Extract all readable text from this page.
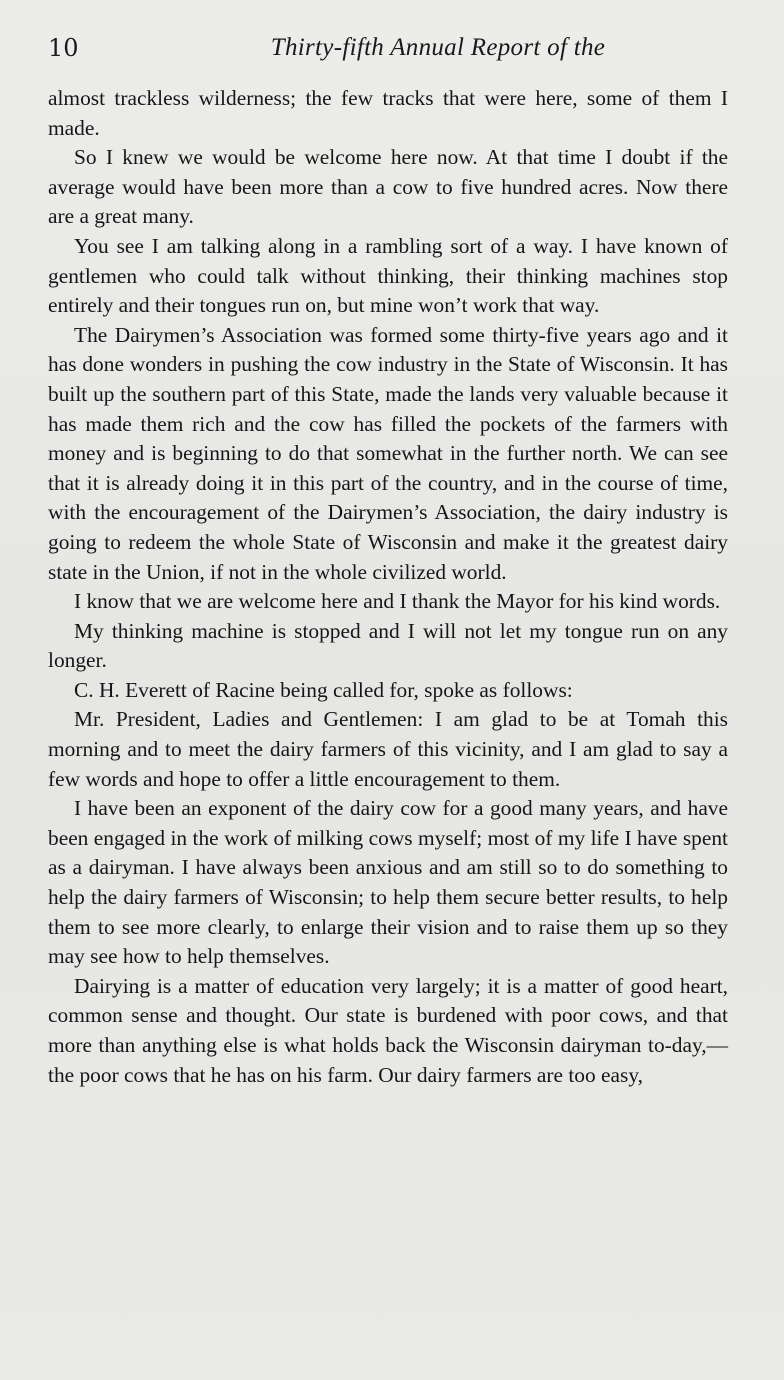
10	Thirty-fifth Annual Report of the

almost trackless wilderness; the few tracks that were here, some of them I made.

So I knew we would be welcome here now. At that time I doubt if the average would have been more than a cow to five hundred acres. Now there are a great many.

You see I am talking along in a rambling sort of a way. I have known of gentlemen who could talk without thinking, their thinking machines stop entirely and their tongues run on, but mine won’t work that way.

The Dairymen’s Association was formed some thirty-five years ago and it has done wonders in pushing the cow industry in the State of Wisconsin. It has built up the southern part of this State, made the lands very valuable because it has made them rich and the cow has filled the pockets of the farmers with money and is beginning to do that somewhat in the further north. We can see that it is already doing it in this part of the country, and in the course of time, with the encouragement of the Dairymen’s Association, the dairy industry is going to redeem the whole State of Wisconsin and make it the greatest dairy state in the Union, if not in the whole civilized world.

I know that we are welcome here and I thank the Mayor for his kind words.

My thinking machine is stopped and I will not let my tongue run on any longer.

C. H. Everett of Racine being called for, spoke as follows:

Mr. President, Ladies and Gentlemen: I am glad to be at Tomah this morning and to meet the dairy farmers of this vicinity, and I am glad to say a few words and hope to offer a little encouragement to them.

I have been an exponent of the dairy cow for a good many years, and have been engaged in the work of milking cows myself; most of my life I have spent as a dairyman. I have always been anxious and am still so to do something to help the dairy farmers of Wisconsin; to help them secure better results, to help them to see more clearly, to enlarge their vision and to raise them up so they may see how to help themselves.

Dairying is a matter of education very largely; it is a matter of good heart, common sense and thought. Our state is burdened with poor cows, and that more than anything else is what holds back the Wisconsin dairyman to-day,—the poor cows that he has on his farm. Our dairy farmers are too easy,
